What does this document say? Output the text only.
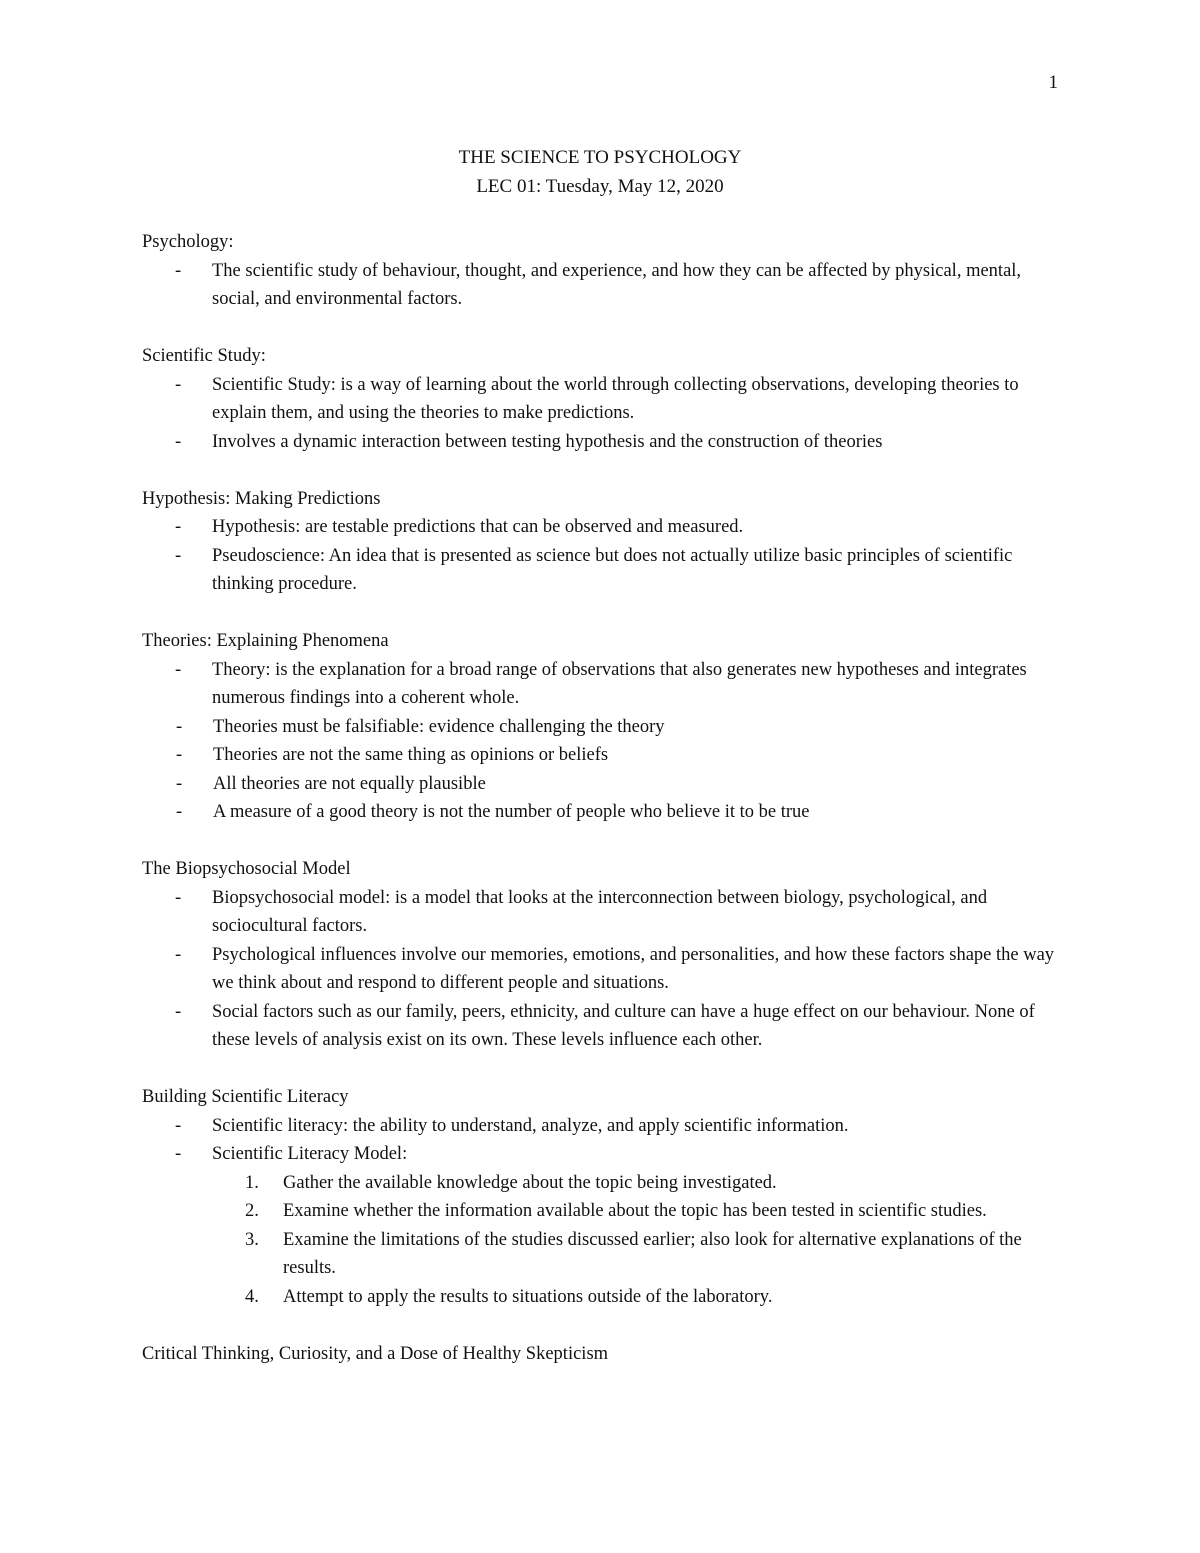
1
THE SCIENCE TO PSYCHOLOGY
LEC 01: Tuesday, May 12, 2020

Psychology:

- The scientific study of behaviour, thought, and experience, and how they can be affected by physical, mental, social, and environmental factors.

Scientific Study:

- Scientific Study: is a way of learning about the world through collecting observations, developing theories to explain them, and using the theories to make predictions.
- Involves a dynamic interaction between testing hypothesis and the construction of theories

Hypothesis: Making Predictions

- Hypothesis: are testable predictions that can be observed and measured.
- Pseudoscience: An idea that is presented as science but does not actually utilize basic principles of scientific thinking procedure.

Theories: Explaining Phenomena

- Theory: is the explanation for a broad range of observations that also generates new hypotheses and integrates numerous findings into a coherent whole.
- Theories must be falsifiable: evidence challenging the theory
- Theories are not the same thing as opinions or beliefs
- All theories are not equally plausible
- A measure of a good theory is not the number of people who believe it to be true

The Biopsychosocial Model

- Biopsychosocial model: is a model that looks at the interconnection between biology, psychological, and sociocultural factors.
- Psychological influences involve our memories, emotions, and personalities, and how these factors shape the way we think about and respond to different people and situations.
- Social factors such as our family, peers, ethnicity, and culture can have a huge effect on our behaviour. None of these levels of analysis exist on its own. These levels influence each other.

Building Scientific Literacy

- Scientific literacy: the ability to understand, analyze, and apply scientific information.
- Scientific Literacy Model:
1. Gather the available knowledge about the topic being investigated.
2. Examine whether the information available about the topic has been tested in scientific studies.
3. Examine the limitations of the studies discussed earlier; also look for alternative explanations of the results.
4. Attempt to apply the results to situations outside of the laboratory.

Critical Thinking, Curiosity, and a Dose of Healthy Skepticism
